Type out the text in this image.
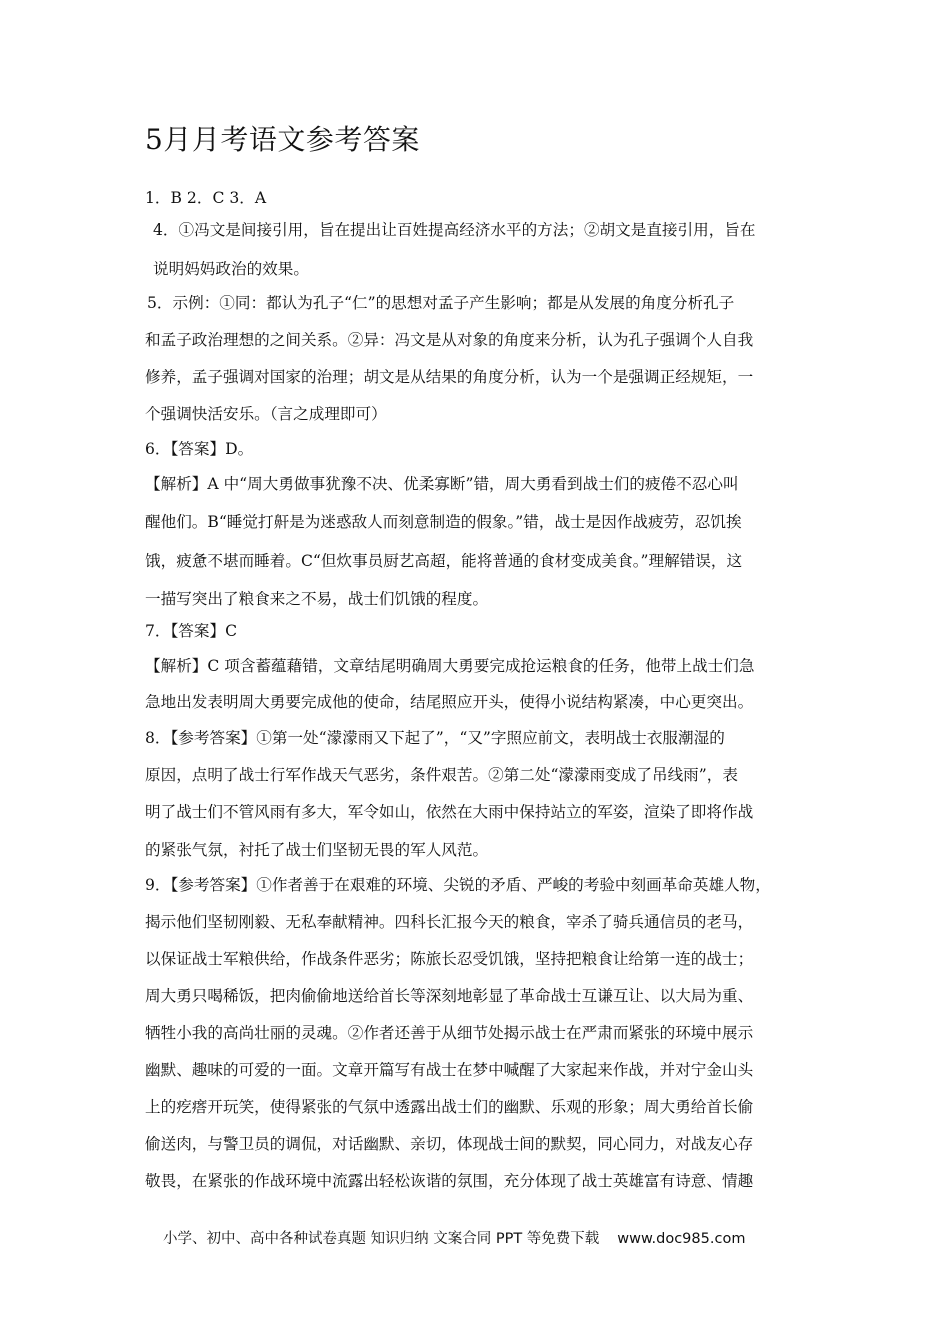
5月月考语文参考答案
1．B 2．C 3．A
4．①冯文是间接引用，旨在提出让百姓提高经济水平的方法；②胡文是直接引用，旨在
说明妈妈政治的效果。
5．示例：①同：都认为孔子“仁”的思想对孟子产生影响；都是从发展的角度分析孔子
和孟子政治理想的之间关系。②异：冯文是从对象的角度来分析，认为孔子强调个人自我
修养，孟子强调对国家的治理；胡文是从结果的角度分析，认为一个是强调正经规矩，一
个强调快活安乐。（言之成理即可）
6．【答案】D。
【解析】A 中“周大勇做事犹豫不决、优柔寡断”错，周大勇看到战士们的疲倦不忍心叫
醒他们。B“睡觉打鼾是为迷惑敌人而刻意制造的假象。”错，战士是因作战疲劳，忍饥挨
饿，疲惫不堪而睡着。C“但炊事员厨艺高超，能将普通的食材变成美食。”理解错误，这
一描写突出了粮食来之不易，战士们饥饿的程度。
7．【答案】C
【解析】C 项含蓄蕴藉错，文章结尾明确周大勇要完成抢运粮食的任务，他带上战士们急
急地出发表明周大勇要完成他的使命，结尾照应开头，使得小说结构紧凑，中心更突出。
8．【参考答案】①第一处“濛濛雨又下起了”，“又”字照应前文，表明战士衣服潮湿的
原因，点明了战士行军作战天气恶劣，条件艰苦。②第二处“濛濛雨变成了吊线雨”，表
明了战士们不管风雨有多大，军令如山，依然在大雨中保持站立的军姿，渲染了即将作战
的紧张气氛，衬托了战士们坚韧无畏的军人风范。
9．【参考答案】①作者善于在艰难的环境、尖锐的矛盾、严峻的考验中刻画革命英雄人物，
揭示他们坚韧刚毅、无私奉献精神。四科长汇报今天的粮食，宰杀了骑兵通信员的老马，
以保证战士军粮供给，作战条件恶劣；陈旅长忍受饥饿，坚持把粮食让给第一连的战士；
周大勇只喝稀饭，把肉偷偷地送给首长等深刻地彰显了革命战士互谦互让、以大局为重、
牺牲小我的高尚壮丽的灵魂。②作者还善于从细节处揭示战士在严肃而紧张的环境中展示
幽默、趣味的可爱的一面。文章开篇写有战士在梦中喊醒了大家起来作战，并对宁金山头
上的疙瘩开玩笑，使得紧张的气氛中透露出战士们的幽默、乐观的形象；周大勇给首长偷
偷送肉，与警卫员的调侃，对话幽默、亲切，体现战士间的默契，同心同力，对战友心存
敬畏，在紧张的作战环境中流露出轻松诙谐的氛围，充分体现了战士英雄富有诗意、情趣
小学、初中、高中各种试卷真题 知识归纳 文案合同 PPT 等免费下载 www.doc985.com
